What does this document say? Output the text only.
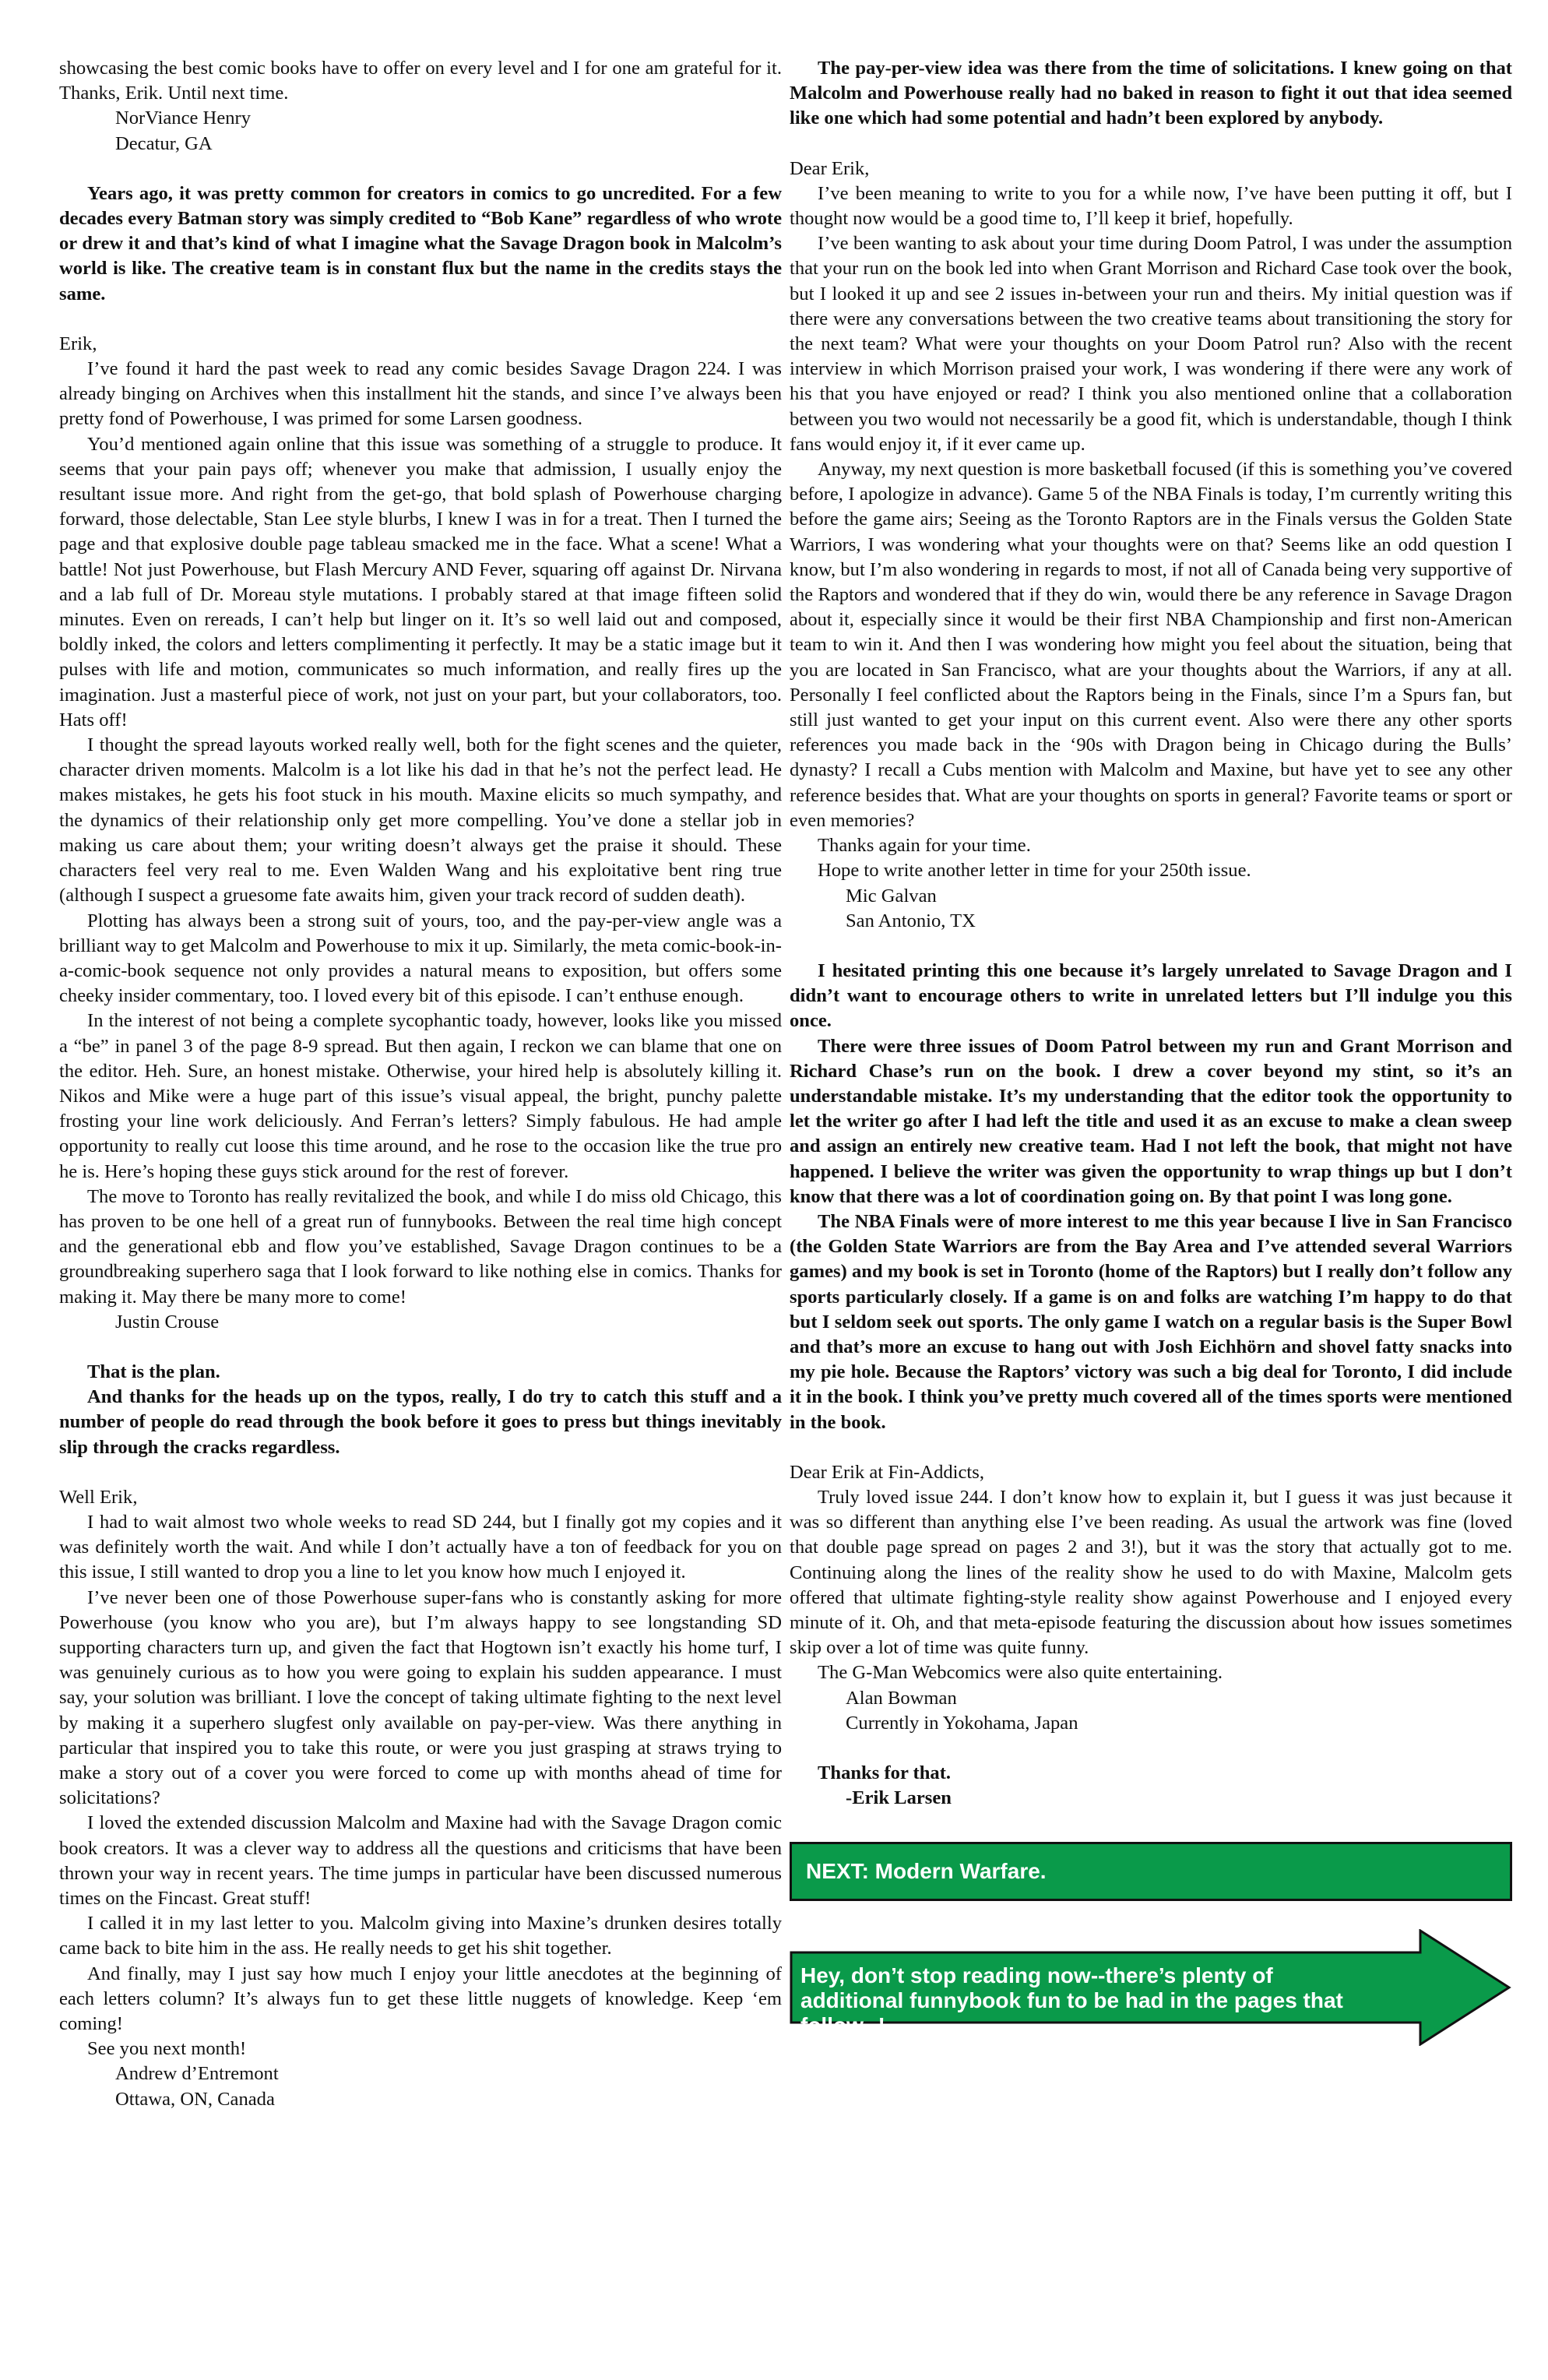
showcasing the best comic books have to offer on every level and I for one am grateful for it. Thanks, Erik. Until next time.

NorViance Henry

Decatur, GA

Years ago, it was pretty common for creators in comics to go uncredited. For a few decades every Batman story was simply credited to “Bob Kane” regardless of who wrote or drew it and that’s kind of what I imagine what the Savage Dragon book in Malcolm’s world is like. The creative team is in constant flux but the name in the credits stays the same.

Erik,

I’ve found it hard the past week to read any comic besides Savage Dragon 224. I was already binging on Archives when this installment hit the stands, and since I’ve always been pretty fond of Powerhouse, I was primed for some Larsen goodness.

You’d mentioned again online that this issue was something of a struggle to produce. It seems that your pain pays off; whenever you make that admission, I usually enjoy the resultant issue more. And right from the get-go, that bold splash of Powerhouse charging forward, those delectable, Stan Lee style blurbs, I knew I was in for a treat. Then I turned the page and that explosive double page tableau smacked me in the face. What a scene! What a battle! Not just Powerhouse, but Flash Mercury AND Fever, squaring off against Dr. Nirvana and a lab full of Dr. Moreau style mutations. I probably stared at that image fifteen solid minutes. Even on rereads, I can’t help but linger on it. It’s so well laid out and composed, boldly inked, the colors and letters complimenting it perfectly. It may be a static image but it pulses with life and motion, communicates so much information, and really fires up the imagination. Just a masterful piece of work, not just on your part, but your collaborators, too. Hats off!

I thought the spread layouts worked really well, both for the fight scenes and the quieter, character driven moments. Malcolm is a lot like his dad in that he’s not the perfect lead. He makes mistakes, he gets his foot stuck in his mouth. Maxine elicits so much sympathy, and the dynamics of their relationship only get more compelling. You’ve done a stellar job in making us care about them; your writing doesn’t always get the praise it should. These characters feel very real to me. Even Walden Wang and his exploitative bent ring true (although I suspect a gruesome fate awaits him, given your track record of sudden death).

Plotting has always been a strong suit of yours, too, and the pay-per-view angle was a brilliant way to get Malcolm and Powerhouse to mix it up. Similarly, the meta comic-book-in-a-comic-book sequence not only provides a natural means to exposition, but offers some cheeky insider commentary, too. I loved every bit of this episode. I can’t enthuse enough.

In the interest of not being a complete sycophantic toady, however, looks like you missed a “be” in panel 3 of the page 8-9 spread. But then again, I reckon we can blame that one on the editor. Heh. Sure, an honest mistake. Otherwise, your hired help is absolutely killing it. Nikos and Mike were a huge part of this issue’s visual appeal, the bright, punchy palette frosting your line work deliciously. And Ferran’s letters? Simply fabulous. He had ample opportunity to really cut loose this time around, and he rose to the occasion like the true pro he is. Here’s hoping these guys stick around for the rest of forever.

The move to Toronto has really revitalized the book, and while I do miss old Chicago, this has proven to be one hell of a great run of funnybooks. Between the real time high concept and the generational ebb and flow you’ve established, Savage Dragon continues to be a groundbreaking superhero saga that I look forward to like nothing else in comics. Thanks for making it. May there be many more to come!

Justin Crouse

That is the plan.

And thanks for the heads up on the typos, really, I do try to catch this stuff and a number of people do read through the book before it goes to press but things inevitably slip through the cracks regardless.

Well Erik,

I had to wait almost two whole weeks to read SD 244, but I finally got my copies and it was definitely worth the wait. And while I don’t actually have a ton of feedback for you on this issue, I still wanted to drop you a line to let you know how much I enjoyed it.

I’ve never been one of those Powerhouse super-fans who is constantly asking for more Powerhouse (you know who you are), but I’m always happy to see longstanding SD supporting characters turn up, and given the fact that Hogtown isn’t exactly his home turf, I was genuinely curious as to how you were going to explain his sudden appearance. I must say, your solution was brilliant. I love the concept of taking ultimate fighting to the next level by making it a superhero slugfest only available on pay-per-view. Was there anything in particular that inspired you to take this route, or were you just grasping at straws trying to make a story out of a cover you were forced to come up with months ahead of time for solicitations?

I loved the extended discussion Malcolm and Maxine had with the Savage Dragon comic book creators. It was a clever way to address all the questions and criticisms that have been thrown your way in recent years. The time jumps in particular have been discussed numerous times on the Fincast. Great stuff!

I called it in my last letter to you. Malcolm giving into Maxine’s drunken desires totally came back to bite him in the ass. He really needs to get his shit together.

And finally, may I just say how much I enjoy your little anecdotes at the beginning of each letters column? It’s always fun to get these little nuggets of knowledge. Keep ‘em coming!

See you next month!

Andrew d’Entremont

Ottawa, ON, Canada

The pay-per-view idea was there from the time of solicitations. I knew going on that Malcolm and Powerhouse really had no baked in reason to fight it out that idea seemed like one which had some potential and hadn’t been explored by anybody.

Dear Erik,

I’ve been meaning to write to you for a while now, I’ve have been putting it off, but I thought now would be a good time to, I’ll keep it brief, hopefully.

I’ve been wanting to ask about your time during Doom Patrol, I was under the assumption that your run on the book led into when Grant Morrison and Richard Case took over the book, but I looked it up and see 2 issues in-between your run and theirs. My initial question was if there were any conversations between the two creative teams about transitioning the story for the next team? What were your thoughts on your Doom Patrol run? Also with the recent interview in which Morrison praised your work, I was wondering if there were any work of his that you have enjoyed or read? I think you also mentioned online that a collaboration between you two would not necessarily be a good fit, which is understandable, though I think fans would enjoy it, if it ever came up.

Anyway, my next question is more basketball focused (if this is something you’ve covered before, I apologize in advance). Game 5 of the NBA Finals is today, I’m currently writing this before the game airs; Seeing as the Toronto Raptors are in the Finals versus the Golden State Warriors, I was wondering what your thoughts were on that? Seems like an odd question I know, but I’m also wondering in regards to most, if not all of Canada being very supportive of the Raptors and wondered that if they do win, would there be any reference in Savage Dragon about it, especially since it would be their first NBA Championship and first non-American team to win it. And then I was wondering how might you feel about the situation, being that you are located in San Francisco, what are your thoughts about the Warriors, if any at all. Personally I feel conflicted about the Raptors being in the Finals, since I’m a Spurs fan, but still just wanted to get your input on this current event. Also were there any other sports references you made back in the ‘90s with Dragon being in Chicago during the Bulls’ dynasty? I recall a Cubs mention with Malcolm and Maxine, but have yet to see any other reference besides that. What are your thoughts on sports in general? Favorite teams or sport or even memories?

Thanks again for your time.

Hope to write another letter in time for your 250th issue.

Mic Galvan

San Antonio, TX

I hesitated printing this one because it’s largely unrelated to Savage Dragon and I didn’t want to encourage others to write in unrelated letters but I’ll indulge you this once.

There were three issues of Doom Patrol between my run and Grant Morrison and Richard Chase’s run on the book. I drew a cover beyond my stint, so it’s an understandable mistake. It’s my understanding that the editor took the opportunity to let the writer go after I had left the title and used it as an excuse to make a clean sweep and assign an entirely new creative team. Had I not left the book, that might not have happened. I believe the writer was given the opportunity to wrap things up but I don’t know that there was a lot of coordination going on. By that point I was long gone.

The NBA Finals were of more interest to me this year because I live in San Francisco (the Golden State Warriors are from the Bay Area and I’ve attended several Warriors games) and my book is set in Toronto (home of the Raptors) but I really don’t follow any sports particularly closely. If a game is on and folks are watching I’m happy to do that but I seldom seek out sports. The only game I watch on a regular basis is the Super Bowl and that’s more an excuse to hang out with Josh Eichhörn and shovel fatty snacks into my pie hole. Because the Raptors’ victory was such a big deal for Toronto, I did include it in the book. I think you’ve pretty much covered all of the times sports were mentioned in the book.

Dear Erik at Fin-Addicts,

Truly loved issue 244. I don’t know how to explain it, but I guess it was just because it was so different than anything else I’ve been reading. As usual the artwork was fine (loved that double page spread on pages 2 and 3!), but it was the story that actually got to me. Continuing along the lines of the reality show he used to do with Maxine, Malcolm gets offered that ultimate fighting-style reality show against Powerhouse and I enjoyed every minute of it. Oh, and that meta-episode featuring the discussion about how issues sometimes skip over a lot of time was quite funny.

The G-Man Webcomics were also quite entertaining.

Alan Bowman

Currently in Yokohama, Japan

Thanks for that.

-Erik Larsen

NEXT: Modern Warfare.
Hey, don’t stop reading now--there’s plenty of additional funnybook fun to be had in the pages that follow--!
